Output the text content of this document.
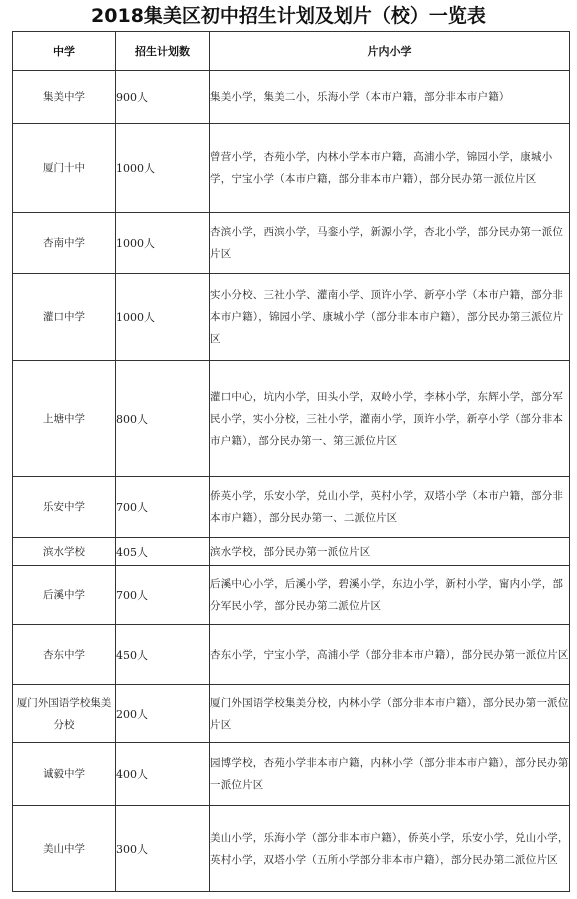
2018集美区初中招生计划及划片（校）一览表
中学	招生计划数	片内小学
集美中学	900人	集美小学，集美二小，乐海小学（本市户籍，部分非本市户籍）
厦门十中	1000人	曾营小学，杏苑小学，内林小学本市户籍，高浦小学，锦园小学，康城小学，宁宝小学（本市户籍，部分非本市户籍），部分民办第一派位片区
杏南中学	1000人	杏滨小学，西滨小学，马銮小学，新源小学，杏北小学，部分民办第一派位片区
灌口中学	1000人	实小分校、三社小学、灌南小学、顶许小学、新亭小学（本市户籍，部分非本市户籍），锦园小学、康城小学（部分非本市户籍），部分民办第三派位片区
上塘中学	800人	灌口中心，坑内小学，田头小学，双岭小学，李林小学，东辉小学，部分军民小学，实小分校，三社小学，灌南小学，顶许小学，新亭小学（部分非本市户籍），部分民办第一、第三派位片区
乐安中学	700人	侨英小学，乐安小学，兑山小学，英村小学，双塔小学（本市户籍，部分非本市户籍），部分民办第一、二派位片区
滨水学校	405人	滨水学校，部分民办第一派位片区
后溪中学	700人	后溪中心小学，后溪小学，碧溪小学，东边小学，新村小学，甯内小学，部分军民小学，部分民办第二派位片区
杏东中学	450人	杏东小学，宁宝小学，高浦小学（部分非本市户籍），部分民办第一派位片区
厦门外国语学校集美分校	200人	厦门外国语学校集美分校，内林小学（部分非本市户籍），部分民办第一派位片区
诚毅中学	400人	园博学校，杏苑小学非本市户籍，内林小学（部分非本市户籍），部分民办第一派位片区
美山中学	300人	美山小学，乐海小学（部分非本市户籍），侨英小学，乐安小学，兑山小学，英村小学，双塔小学（五所小学部分非本市户籍），部分民办第二派位片区
